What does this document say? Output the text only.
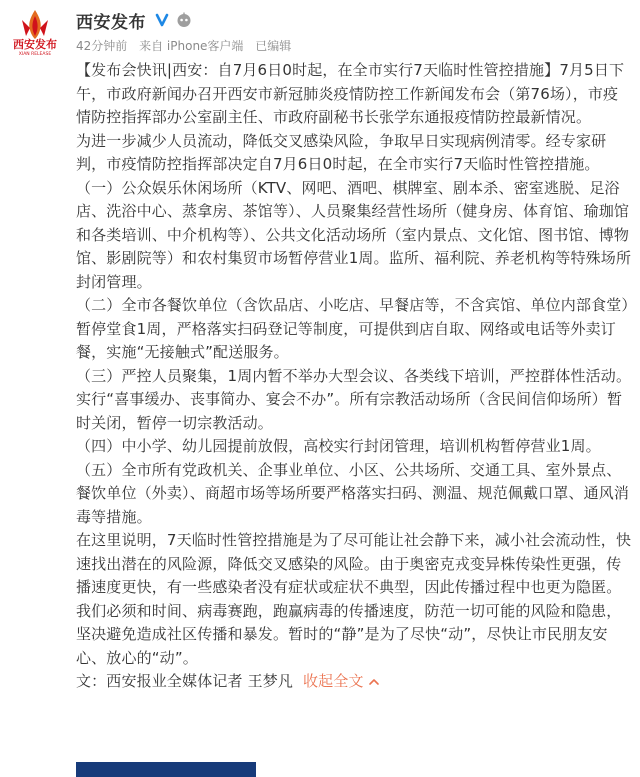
西安发布
XIAN RELEASE
西安发布
42分钟前 来自 iPhone客户端 已编辑

【发布会快讯|西安：自7月6日0时起，在全市实行7天临时性管控措施】7月5日下午，市政府新闻办召开西安市新冠肺炎疫情防控工作新闻发布会（第76场），市疫情防控指挥部办公室副主任、市政府副秘书长张学东通报疫情防控最新情况。

为进一步减少人员流动，降低交叉感染风险，争取早日实现病例清零。经专家研判，市疫情防控指挥部决定自7月6日0时起，在全市实行7天临时性管控措施。

（一）公众娱乐休闲场所（KTV、网吧、酒吧、棋牌室、剧本杀、密室逃脱、足浴店、洗浴中心、蒸拿房、茶馆等）、人员聚集经营性场所（健身房、体育馆、瑜珈馆和各类培训、中介机构等）、公共文化活动场所（室内景点、文化馆、图书馆、博物馆、影剧院等）和农村集贸市场暂停营业1周。监所、福利院、养老机构等特殊场所封闭管理。

（二）全市各餐饮单位（含饮品店、小吃店、早餐店等，不含宾馆、单位内部食堂）暂停堂食1周，严格落实扫码登记等制度，可提供到店自取、网络或电话等外卖订餐，实施“无接触式”配送服务。

（三）严控人员聚集，1周内暂不举办大型会议、各类线下培训，严控群体性活动。实行“喜事缓办、丧事简办、宴会不办”。所有宗教活动场所（含民间信仰场所）暂时关闭，暂停一切宗教活动。

（四）中小学、幼儿园提前放假，高校实行封闭管理，培训机构暂停营业1周。

（五）全市所有党政机关、企事业单位、小区、公共场所、交通工具、室外景点、餐饮单位（外卖）、商超市场等场所要严格落实扫码、测温、规范佩戴口罩、通风消毒等措施。

在这里说明，7天临时性管控措施是为了尽可能让社会静下来，减小社会流动性，快速找出潜在的风险源，降低交叉感染的风险。由于奥密克戎变异株传染性更强，传播速度更快，有一些感染者没有症状或症状不典型，因此传播过程中也更为隐匿。我们必须和时间、病毒赛跑，跑赢病毒的传播速度，防范一切可能的风险和隐患，坚决避免造成社区传播和暴发。暂时的“静”是为了尽快“动”，尽快让市民朋友安心、放心的“动”。

文：西安报业全媒体记者 王梦凡 收起全文
